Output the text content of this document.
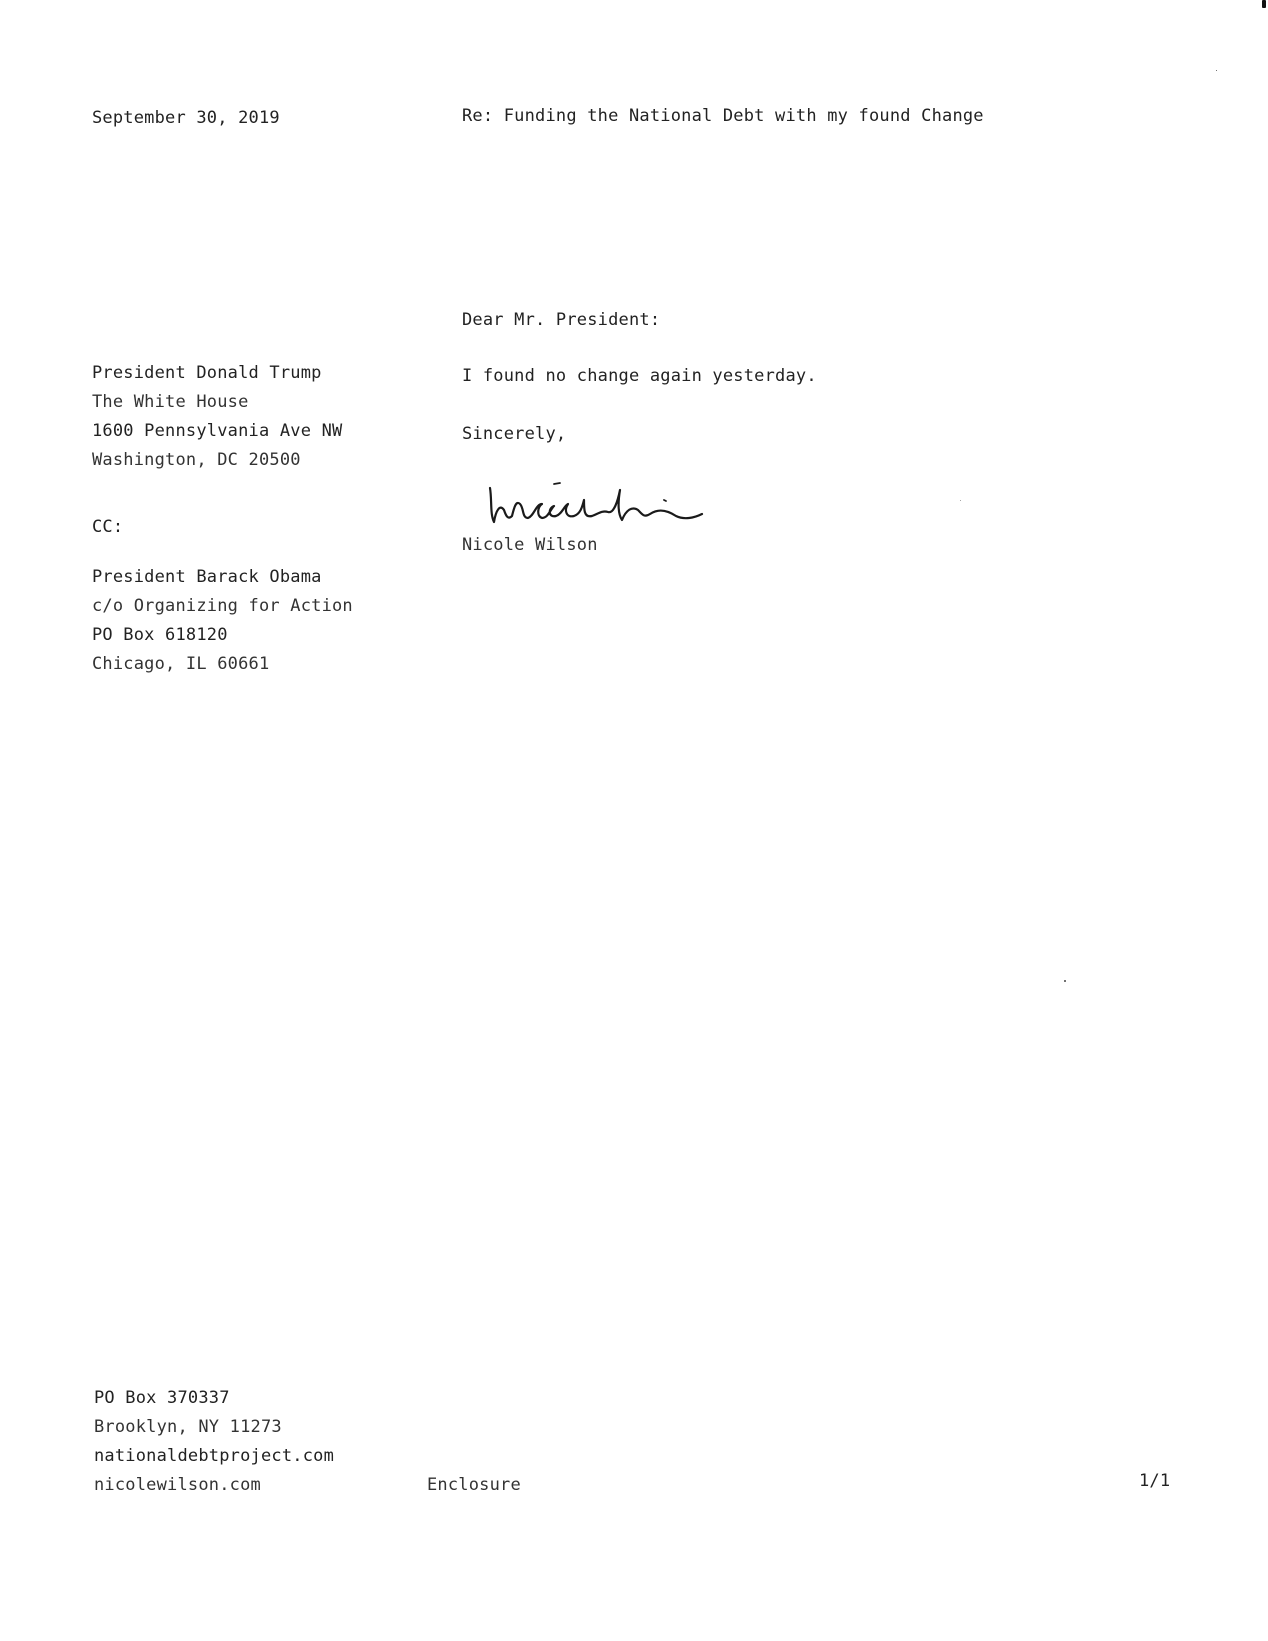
September 30, 2019	Re: Funding the National Debt with my found Change
Dear Mr. President:
President Donald Trump
The White House
1600 Pennsylvania Ave NW
Washington, DC 20500
I found no change again yesterday.
Sincerely,
Nicole Wilson
CC:
President Barack Obama
c/o Organizing for Action
PO Box 618120
Chicago, IL 60661
PO Box 370337
Brooklyn, NY 11273
nationaldebtproject.com
nicolewilson.com	Enclosure	1/1
